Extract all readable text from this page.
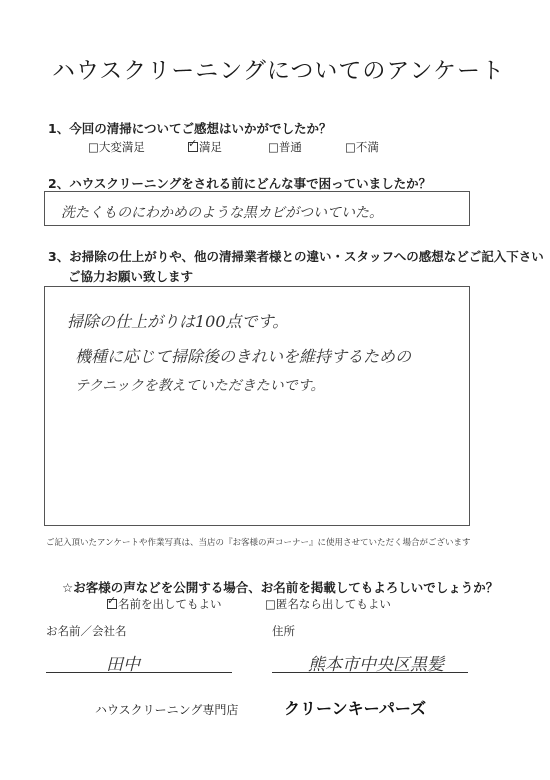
ハウスクリーニングについてのアンケート
1、今回の清掃についてご感想はいかがでしたか？
□大変満足	✓ 満足	□普通	□不満
2、ハウスクリーニングをされる前にどんな事で困っていましたか？
洗たくものにわかめのような黒カビがついていた。
3、お掃除の仕上がりや、他の清掃業者様との違い・スタッフへの感想などご記入下さい
ご協力お願い致します
掃除の仕上がりは100点です。
機種に応じて掃除後のきれいを維持するための
テクニックを教えていただきたいです。
ご記入頂いたアンケートや作業写真は、当店の『お客様の声コーナー』に使用させていただく場合がございます
☆お客様の声などを公開する場合、お名前を掲載してもよろしいでしょうか？
✓ 名前を出してもよい	□匿名なら出してもよい
お名前／会社名	住所
田中	熊本市中央区黒髪
ハウスクリーニング専門店	クリーンキーパーズ
